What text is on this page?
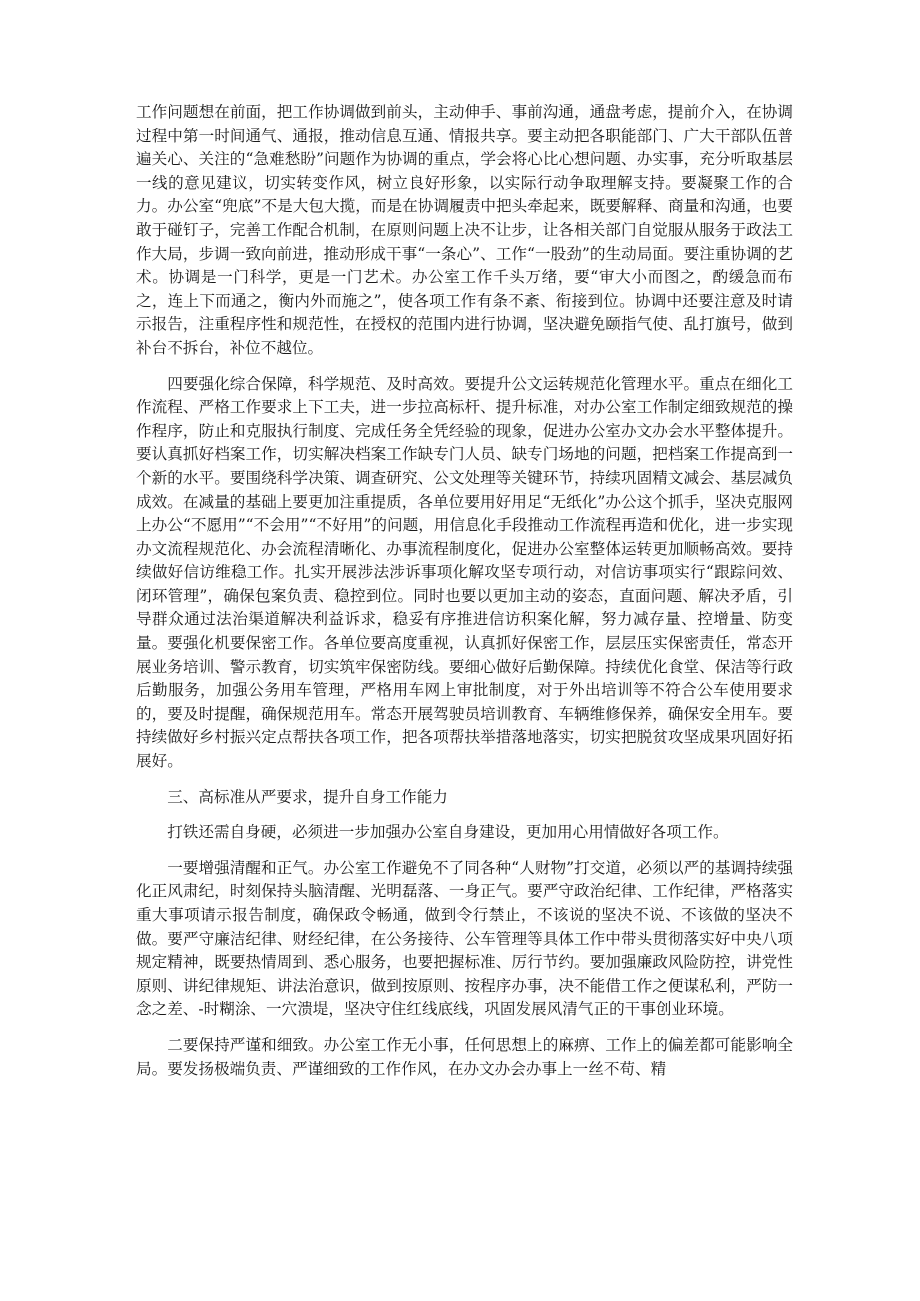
工作问题想在前面，把工作协调做到前头，主动伸手、事前沟通，通盘考虑，提前介入，在协调过程中第一时间通气、通报，推动信息互通、情报共享。要主动把各职能部门、广大干部队伍普遍关心、关注的“急难愁盼”问题作为协调的重点，学会将心比心想问题、办实事，充分听取基层一线的意见建议，切实转变作风，树立良好形象，以实际行动争取理解支持。要凝聚工作的合力。办公室“兜底”不是大包大揽，而是在协调履责中把头牵起来，既要解释、商量和沟通，也要敢于碰钉子，完善工作配合机制，在原则问题上决不让步，让各相关部门自觉服从服务于政法工作大局，步调一致向前进，推动形成干事“一条心”、工作“一股劲”的生动局面。要注重协调的艺术。协调是一门科学，更是一门艺术。办公室工作千头万绪，要“审大小而图之，酌缓急而布之，连上下而通之，衡内外而施之”，使各项工作有条不紊、衔接到位。协调中还要注意及时请示报告，注重程序性和规范性，在授权的范围内进行协调，坚决避免颐指气使、乱打旗号，做到补台不拆台，补位不越位。

四要强化综合保障，科学规范、及时高效。要提升公文运转规范化管理水平。重点在细化工作流程、严格工作要求上下工夫，进一步拉高标杆、提升标准，对办公室工作制定细致规范的操作程序，防止和克服执行制度、完成任务全凭经验的现象，促进办公室办文办会水平整体提升。要认真抓好档案工作，切实解决档案工作缺专门人员、缺专门场地的问题，把档案工作提高到一个新的水平。要围绕科学决策、调查研究、公文处理等关键环节，持续巩固精文减会、基层减负成效。在减量的基础上要更加注重提质，各单位要用好用足“无纸化”办公这个抓手，坚决克服网上办公“不愿用”“不会用”“不好用”的问题，用信息化手段推动工作流程再造和优化，进一步实现办文流程规范化、办会流程清晰化、办事流程制度化，促进办公室整体运转更加顺畅高效。要持续做好信访维稳工作。扎实开展涉法涉诉事项化解攻坚专项行动，对信访事项实行“跟踪问效、闭环管理”，确保包案负责、稳控到位。同时也要以更加主动的姿态，直面问题、解决矛盾，引导群众通过法治渠道解决利益诉求，稳妥有序推进信访积案化解，努力减存量、控增量、防变量。要强化机要保密工作。各单位要高度重视，认真抓好保密工作，层层压实保密责任，常态开展业务培训、警示教育，切实筑牢保密防线。要细心做好后勤保障。持续优化食堂、保洁等行政后勤服务，加强公务用车管理，严格用车网上审批制度，对于外出培训等不符合公车使用要求的，要及时提醒，确保规范用车。常态开展驾驶员培训教育、车辆维修保养，确保安全用车。要持续做好乡村振兴定点帮扶各项工作，把各项帮扶举措落地落实，切实把脱贫攻坚成果巩固好拓展好。

三、高标准从严要求，提升自身工作能力

打铁还需自身硬，必须进一步加强办公室自身建设，更加用心用情做好各项工作。

一要增强清醒和正气。办公室工作避免不了同各种“人财物”打交道，必须以严的基调持续强化正风肃纪，时刻保持头脑清醒、光明磊落、一身正气。要严守政治纪律、工作纪律，严格落实重大事项请示报告制度，确保政令畅通，做到令行禁止，不该说的坚决不说、不该做的坚决不做。要严守廉洁纪律、财经纪律，在公务接待、公车管理等具体工作中带头贯彻落实好中央八项规定精神，既要热情周到、悉心服务，也要把握标准、厉行节约。要加强廉政风险防控，讲党性原则、讲纪律规矩、讲法治意识，做到按原则、按程序办事，决不能借工作之便谋私利，严防一念之差、-时糊涂、一穴溃堤，坚决守住红线底线，巩固发展风清气正的干事创业环境。

二要保持严谨和细致。办公室工作无小事，任何思想上的麻痹、工作上的偏差都可能影响全局。要发扬极端负责、严谨细致的工作作风，在办文办会办事上一丝不苟、精
